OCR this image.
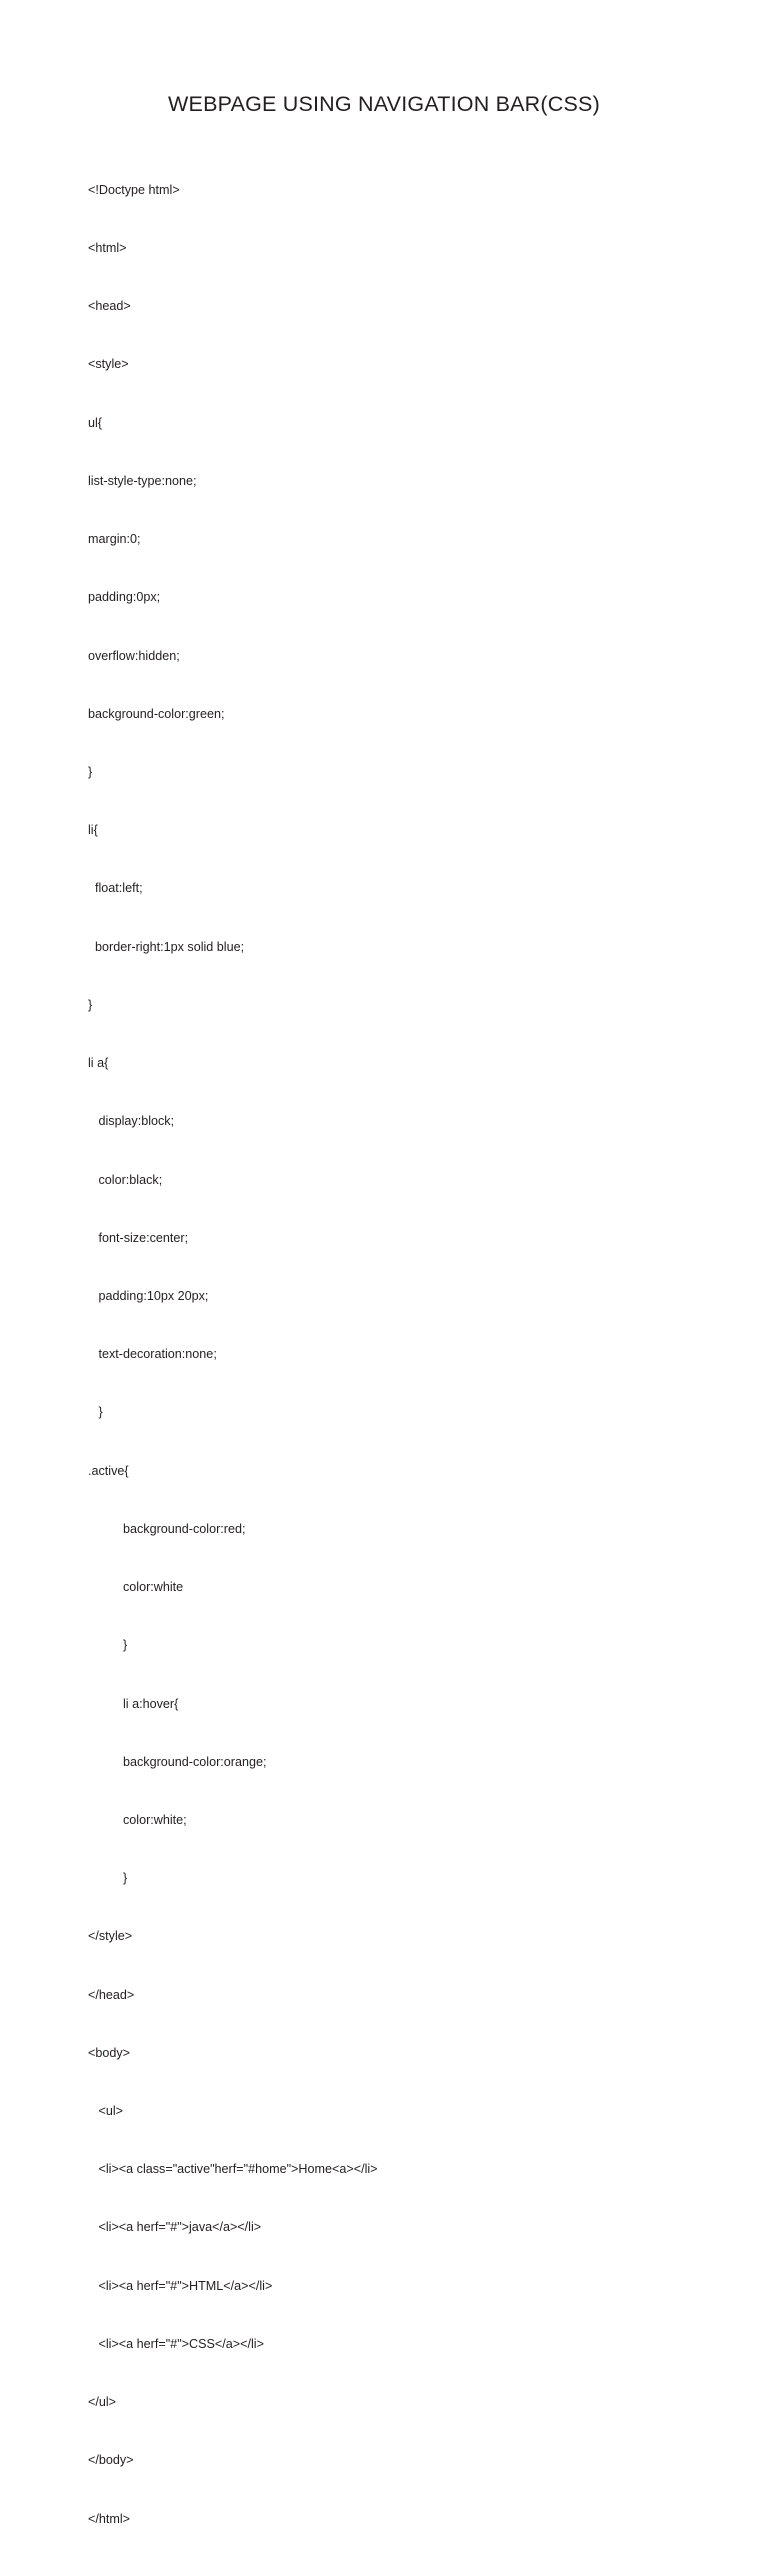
WEBPAGE USING NAVIGATION BAR(CSS)

<!Doctype html>

<html>

<head>

<style>

ul{

list-style-type:none;

margin:0;

padding:0px;

overflow:hidden;

background-color:green;

}

li{

float:left;

border-right:1px solid blue;

}

li a{

display:block;

color:black;

font-size:center;

padding:10px 20px;

text-decoration:none;

}

.active{

background-color:red;

color:white

}

li a:hover{

background-color:orange;

color:white;

}

</style>

</head>

<body>

<ul>

<li><a class="active"herf="#home">Home<a></li>

<li><a herf="#">java</a></li>

<li><a herf="#">HTML</a></li>

<li><a herf="#">CSS</a></li>

</ul>

</body>

</html>
